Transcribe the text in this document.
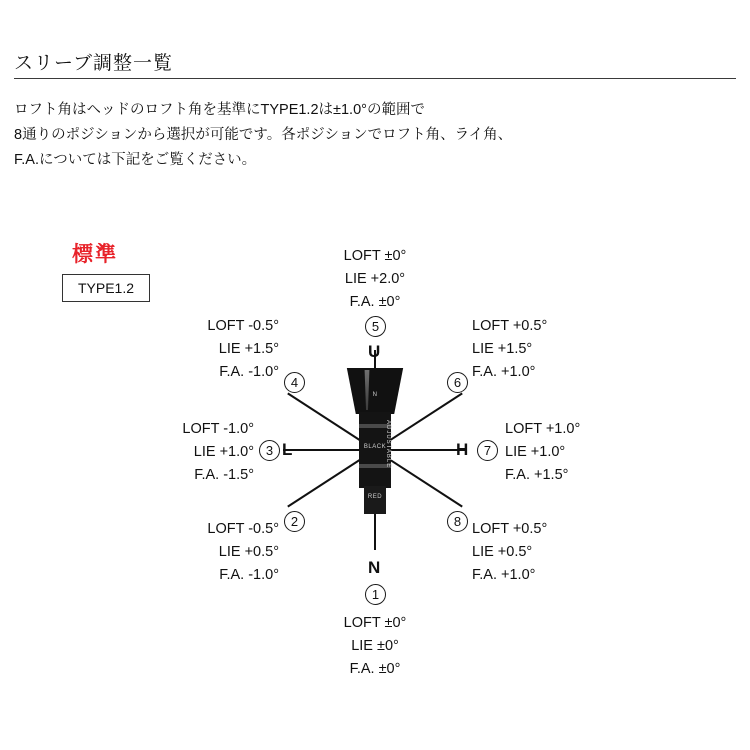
スリーブ調整一覧
ロフト角はヘッドのロフト角を基準にTYPE1.2は±1.0°の範囲で
8通りのポジションから選択が可能です。各ポジションでロフト角、ライ角、
F.A.については下記をご覧ください。
標準
TYPE1.2
N
BLACK
RED
ADJUSTABLE
U
L	H
N
5
4	6
3	7
2	8
1
LOFT ±0°
LIE +2.0°
F.A. ±0°
LOFT -0.5°
LIE +1.5°
F.A. -1.0°
LOFT +0.5°
LIE +1.5°
F.A. +1.0°
LOFT -1.0°
LIE +1.0°
F.A. -1.5°
LOFT +1.0°
LIE +1.0°
F.A. +1.5°
LOFT -0.5°
LIE +0.5°
F.A. -1.0°
LOFT +0.5°
LIE +0.5°
F.A. +1.0°
LOFT ±0°
LIE ±0°
F.A. ±0°
